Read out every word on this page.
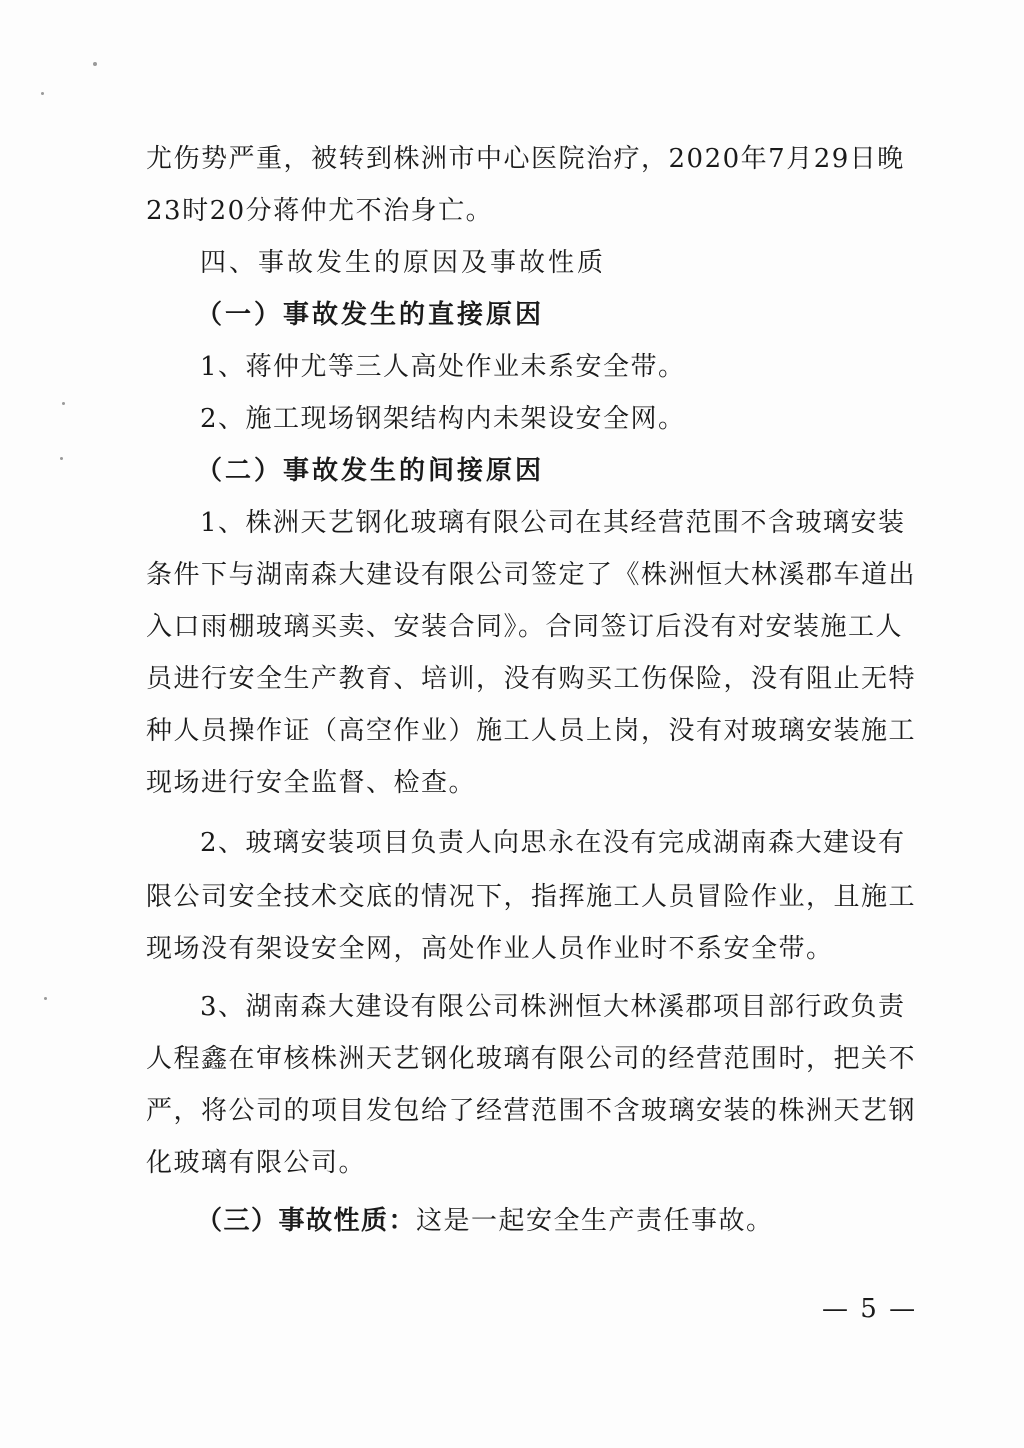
尤伤势严重，被转到株洲市中心医院治疗，2020年7月29日晚
23时20分蒋仲尤不治身亡。
四、事故发生的原因及事故性质
（一）事故发生的直接原因
1、蒋仲尤等三人高处作业未系安全带。
2、施工现场钢架结构内未架设安全网。
（二）事故发生的间接原因
1、株洲天艺钢化玻璃有限公司在其经营范围不含玻璃安装
条件下与湖南森大建设有限公司签定了《株洲恒大林溪郡车道出
入口雨棚玻璃买卖、安装合同》。合同签订后没有对安装施工人
员进行安全生产教育、培训，没有购买工伤保险，没有阻止无特
种人员操作证（高空作业）施工人员上岗，没有对玻璃安装施工
现场进行安全监督、检查。
2、玻璃安装项目负责人向思永在没有完成湖南森大建设有
限公司安全技术交底的情况下，指挥施工人员冒险作业，且施工
现场没有架设安全网，高处作业人员作业时不系安全带。
3、湖南森大建设有限公司株洲恒大林溪郡项目部行政负责
人程鑫在审核株洲天艺钢化玻璃有限公司的经营范围时，把关不
严，将公司的项目发包给了经营范围不含玻璃安装的株洲天艺钢
化玻璃有限公司。
（三）事故性质：这是一起安全生产责任事故。
— 5 —
